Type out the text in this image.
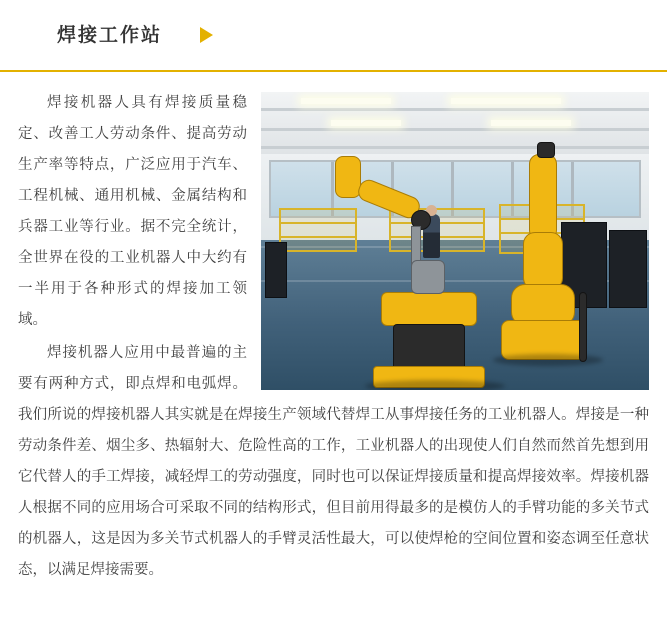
焊接工作站

焊接机器人具有焊接质量稳定、改善工人劳动条件、提高劳动生产率等特点，广泛应用于汽车、工程机械、通用机械、金属结构和兵器工业等行业。据不完全统计，全世界在役的工业机器人中大约有一半用于各种形式的焊接加工领域。

焊接机器人应用中最普遍的主要有两种方式，即点焊和电弧焊。我们所说的焊接机器人其实就是在焊接生产领域代替焊工从事焊接任务的工业机器人。焊接是一种劳动条件差、烟尘多、热辐射大、危险性高的工作，工业机器人的出现使人们自然而然首先想到用它代替人的手工焊接，减轻焊工的劳动强度，同时也可以保证焊接质量和提高焊接效率。焊接机器人根据不同的应用场合可采取不同的结构形式，但目前用得最多的是模仿人的手臂功能的多关节式的机器人，这是因为多关节式机器人的手臂灵活性最大，可以使焊枪的空间位置和姿态调至任意状态，以满足焊接需要。
